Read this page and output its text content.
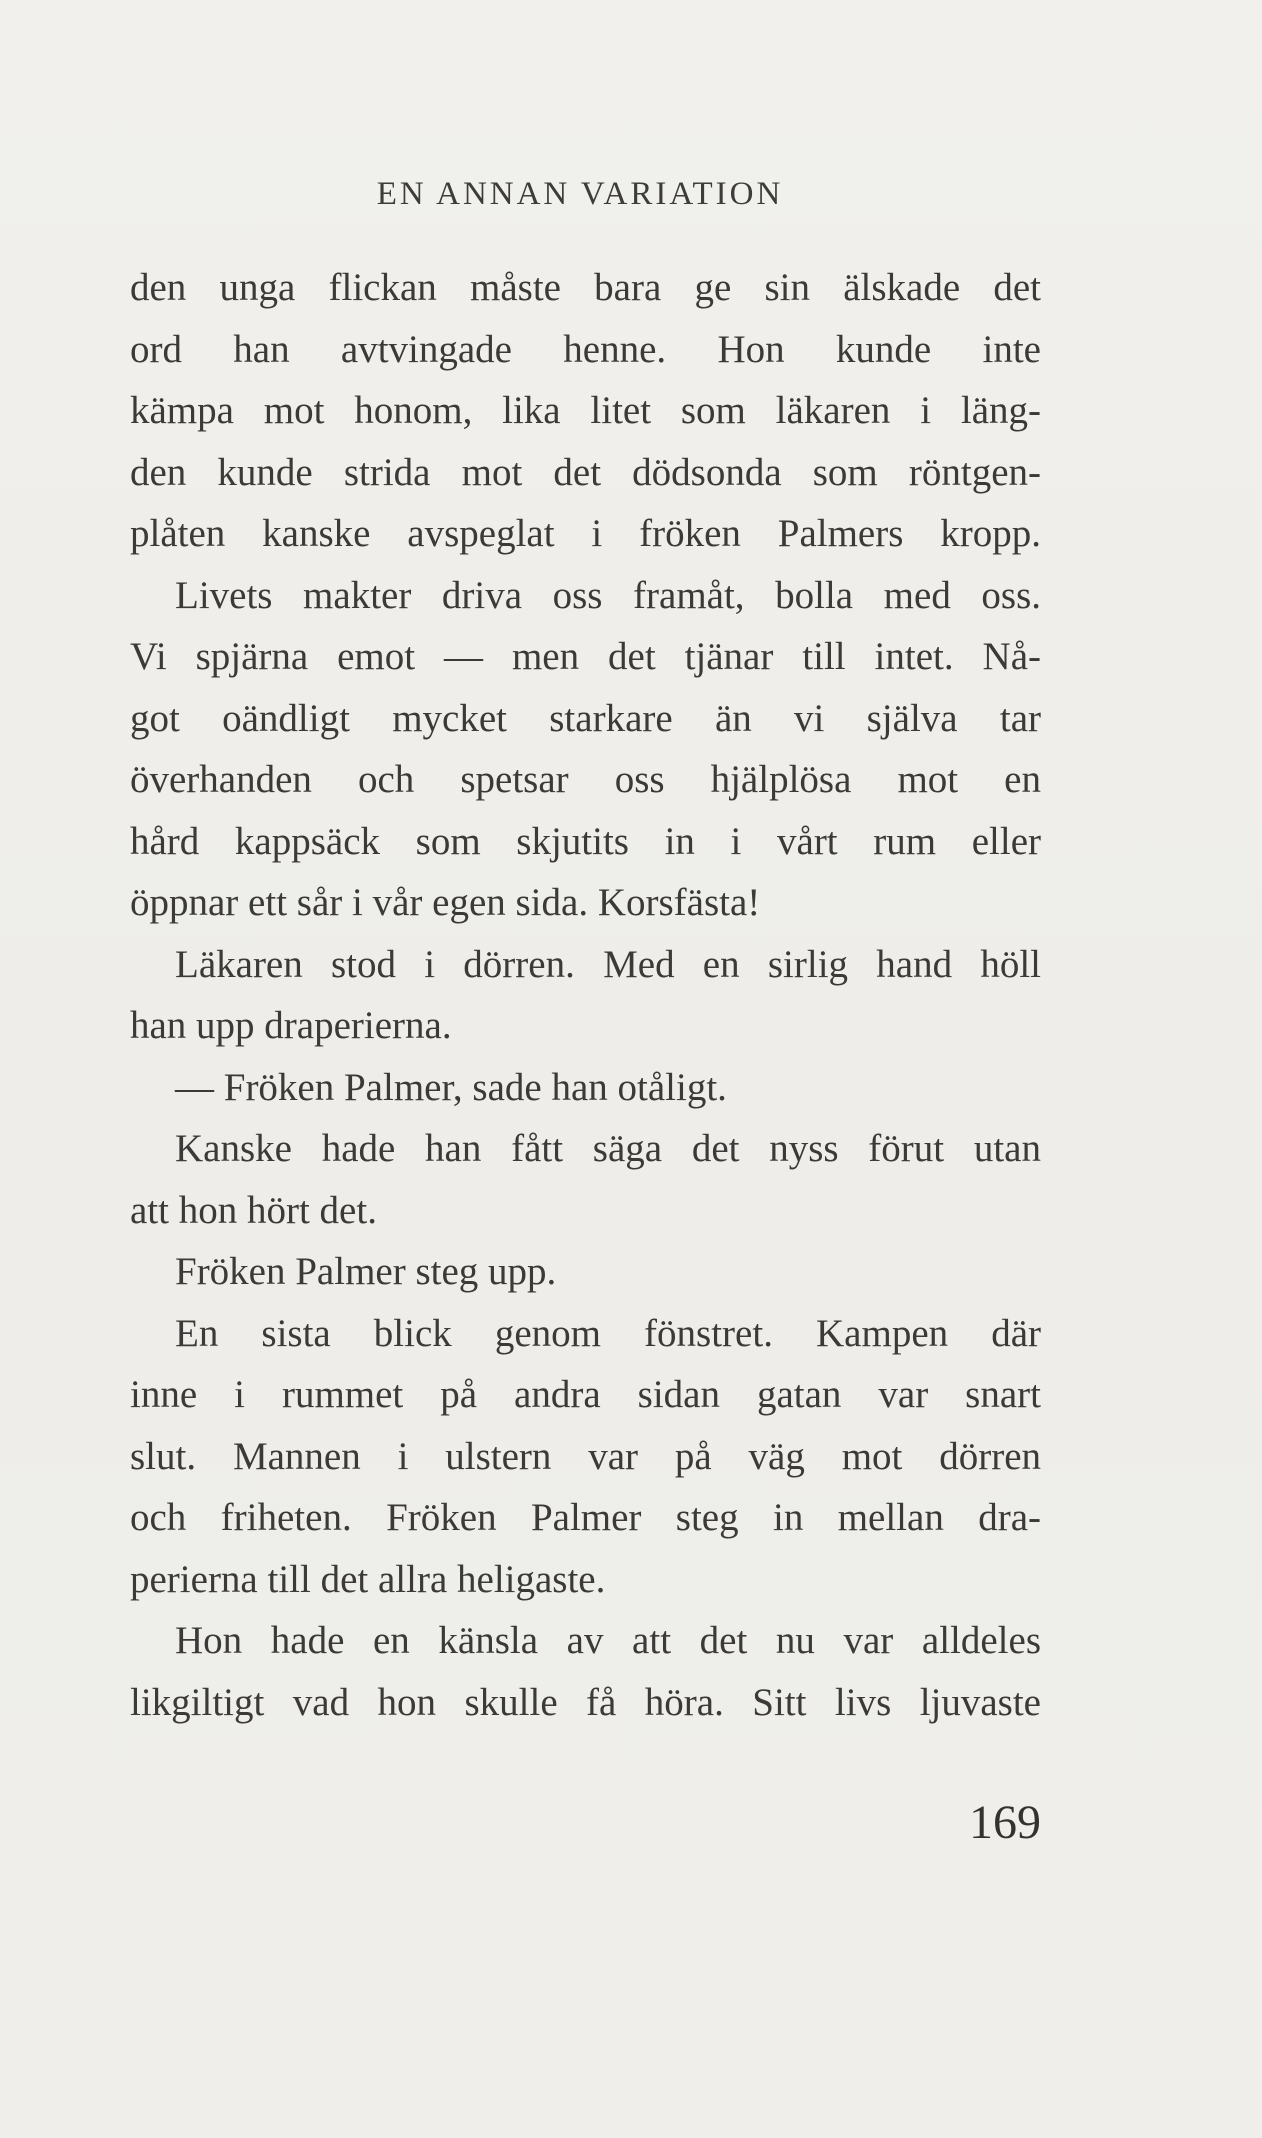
EN ANNAN VARIATION
den unga flickan måste bara ge sin älskade det
ord han avtvingade henne. Hon kunde inte
kämpa mot honom, lika litet som läkaren i läng-
den kunde strida mot det dödsonda som röntgen-
plåten kanske avspeglat i fröken Palmers kropp.
Livets makter driva oss framåt, bolla med oss.
Vi spjärna emot — men det tjänar till intet. Nå-
got oändligt mycket starkare än vi själva tar
överhanden och spetsar oss hjälplösa mot en
hård kappsäck som skjutits in i vårt rum eller
öppnar ett sår i vår egen sida. Korsfästa!
Läkaren stod i dörren. Med en sirlig hand höll
han upp draperierna.
— Fröken Palmer, sade han otåligt.
Kanske hade han fått säga det nyss förut utan
att hon hört det.
Fröken Palmer steg upp.
En sista blick genom fönstret. Kampen där
inne i rummet på andra sidan gatan var snart
slut. Mannen i ulstern var på väg mot dörren
och friheten. Fröken Palmer steg in mellan dra-
perierna till det allra heligaste.
Hon hade en känsla av att det nu var alldeles
likgiltigt vad hon skulle få höra. Sitt livs ljuvaste
169
